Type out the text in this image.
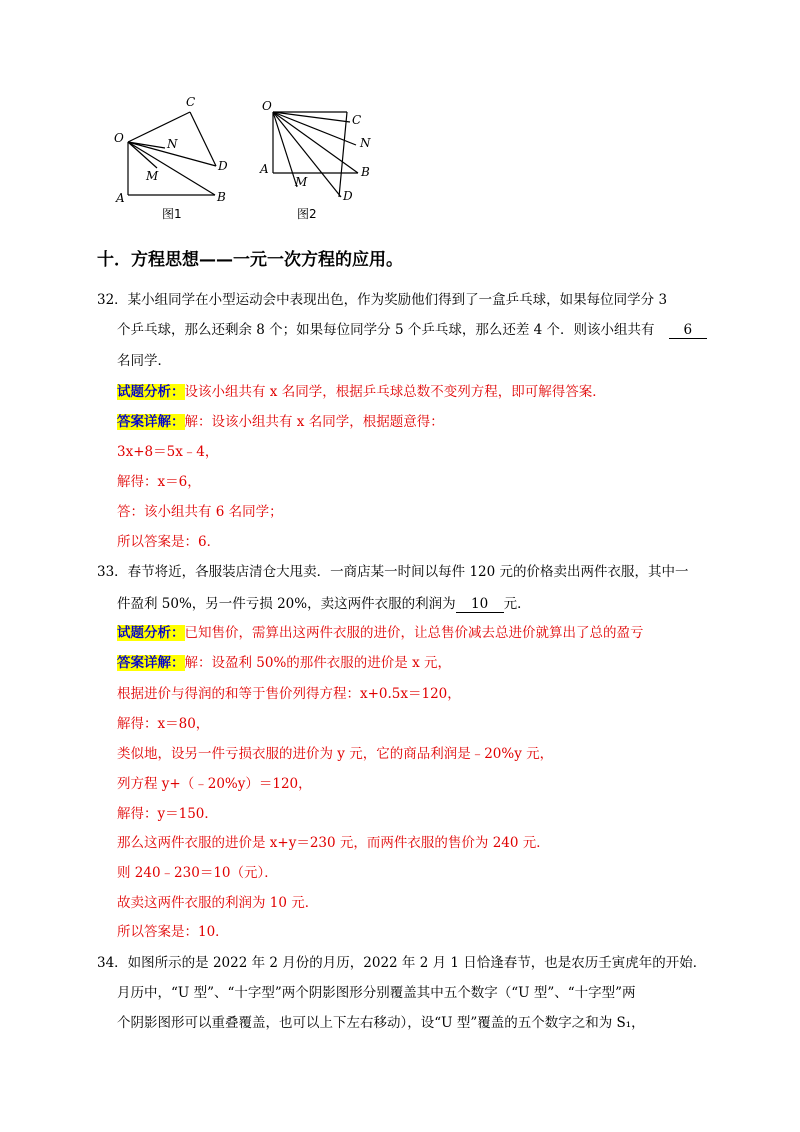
O
C
N
M
D
A	B
图1
O
C
N
M
D
A	B
图2
十．方程思想——一元一次方程的应用。
32．某小组同学在小型运动会中表现出色，作为奖励他们得到了一盒乒乓球，如果每位同学分 3
个乒乓球，那么还剩余 8 个；如果每位同学分 5 个乒乓球，那么还差 4 个．则该小组共有 6
名同学．
试题分析：设该小组共有 x 名同学，根据乒乓球总数不变列方程，即可解得答案．
答案详解：解：设该小组共有 x 名同学，根据题意得：
3x+8＝5x﹣4，
解得：x＝6，
答：该小组共有 6 名同学；
所以答案是：6．
33．春节将近，各服装店清仓大甩卖．一商店某一时间以每件 120 元的价格卖出两件衣服，其中一
件盈利 50%，另一件亏损 20%，卖这两件衣服的利润为 10 元．
试题分析：已知售价，需算出这两件衣服的进价，让总售价减去总进价就算出了总的盈亏
答案详解：解：设盈利 50%的那件衣服的进价是 x 元，
根据进价与得润的和等于售价列得方程：x+0.5x＝120，
解得：x＝80，
类似地，设另一件亏损衣服的进价为 y 元，它的商品利润是﹣20%y 元，
列方程 y+（﹣20%y）＝120，
解得：y＝150．
那么这两件衣服的进价是 x+y＝230 元，而两件衣服的售价为 240 元．
则 240﹣230＝10（元）．
故卖这两件衣服的利润为 10 元．
所以答案是：10．
34．如图所示的是 2022 年 2 月份的月历，2022 年 2 月 1 日恰逢春节，也是农历壬寅虎年的开始．
月历中，“U 型”、“十字型”两个阴影图形分别覆盖其中五个数字（“U 型”、“十字型”两
个阴影图形可以重叠覆盖，也可以上下左右移动），设“U 型”覆盖的五个数字之和为 S₁，
